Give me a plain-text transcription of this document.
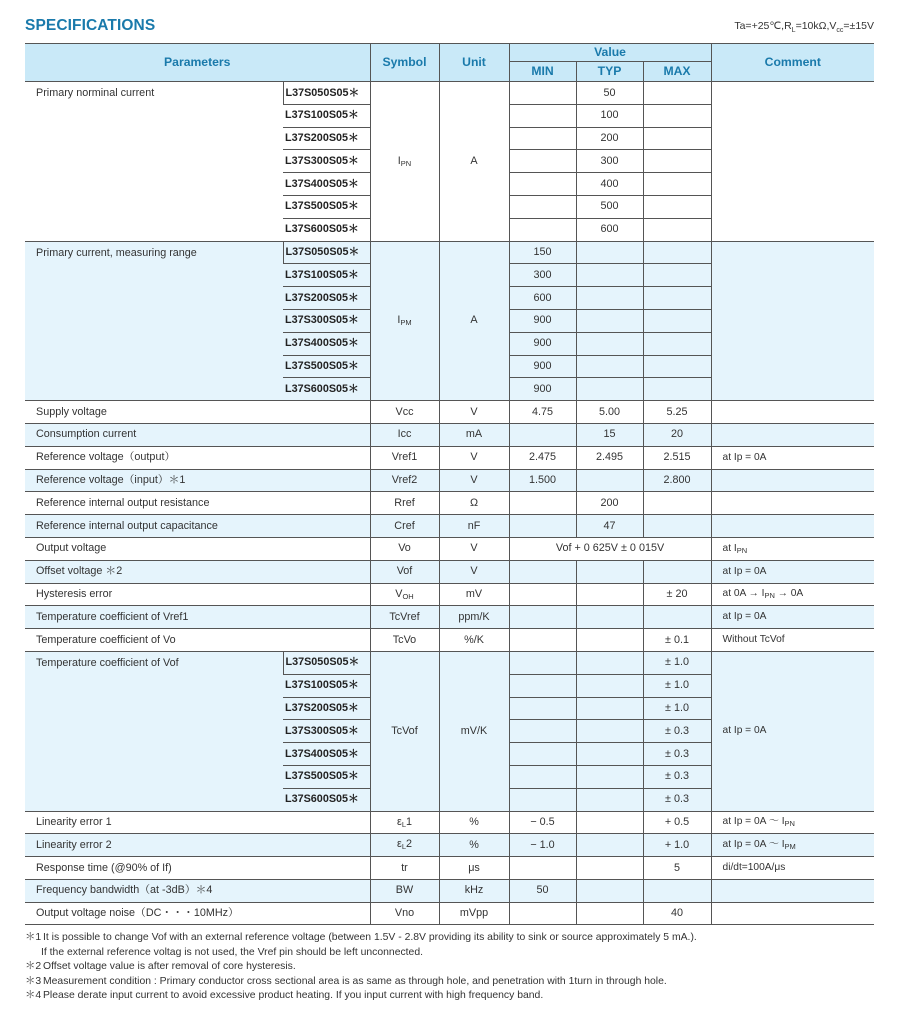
SPECIFICATIONS	$Ta=+25℃,R_L=10k\Omega,V_{cc}=\pm 15V$
Parameters		Symbol	Unit	Value			Comment
				MIN	TYP	MAX	
Primary norminal current	L37S050S05＊	$I_{PN}$	A		50		
	L37S100S05＊				100		
	L37S200S05＊				200		
	L37S300S05＊				300		
	L37S400S05＊				400		
	L37S500S05＊				500		
	L37S600S05＊				600		
Primary current, measuring range	L37S050S05＊	$I_{PM}$	A	150			
	L37S100S05＊			300			
	L37S200S05＊			600			
	L37S300S05＊			900			
	L37S400S05＊			900			
	L37S500S05＊			900			
	L37S600S05＊			900			
Supply voltage		Vcc	V	4.75	5.00	5.25	
Consumption current		Icc	mA		15	20	
Reference voltage（output）		Vref1	V	2.475	2.495	2.515	at Ip = 0A
Reference voltage（input）＊1		Vref2	V	1.500		2.800	
Reference internal output resistance		Rref	Ω		200		
Reference internal output capacitance		Cref	nF		47		
Output voltage		Vo	V	Vof + 0 625V ± 0 015V			at $I_{PN}$
Offset voltage ＊2		Vof	V				at Ip = 0A
Hysteresis error		$V_{OH}$	mV			± 20	at $0A \to I_{PN} \to 0A$
Temperature coefficient of Vref1		TcVref	ppm/K				at Ip = 0A
Temperature coefficient of Vo		TcVo	%/K			± 0.1	Without TcVof
Temperature coefficient of Vof	L37S050S05＊	TcVof	mV/K			± 1.0	at Ip = 0A
	L37S100S05＊					± 1.0	
	L37S200S05＊					± 1.0	
	L37S300S05＊					± 0.3	
	L37S400S05＊					± 0.3	
	L37S500S05＊					± 0.3	
	L37S600S05＊					± 0.3	
Linearity error 1		$\varepsilon_L1$	%	− 0.5		+ 0.5	at Ip = 0A ～ $I_{PN}$
Linearity error 2		$\varepsilon_L2$	%	− 1.0		+ 1.0	at Ip = 0A ～ $I_{PM}$
Response time (@90% of If)		tr	μs			5	di/dt=100A/μs
Frequency bandwidth（at -3dB）＊4		BW	kHz	50			
Output voltage noise（DC・・・10MHz）		Vno	mVpp			40	
＊1 It is possible to change Vof with an external reference voltage (between 1.5V - 2.8V providing its ability to sink or source approximately 5 mA.).
If the external reference voltag is not used, the Vref pin should be left unconnected.
＊2 Offset voltage value is after removal of core hysteresis.
＊3 Measurement condition : Primary conductor cross sectional area is as same as through hole, and penetration with 1turn in through hole.
＊4 Please derate input current to avoid excessive product heating. If you input current with high frequency band.
